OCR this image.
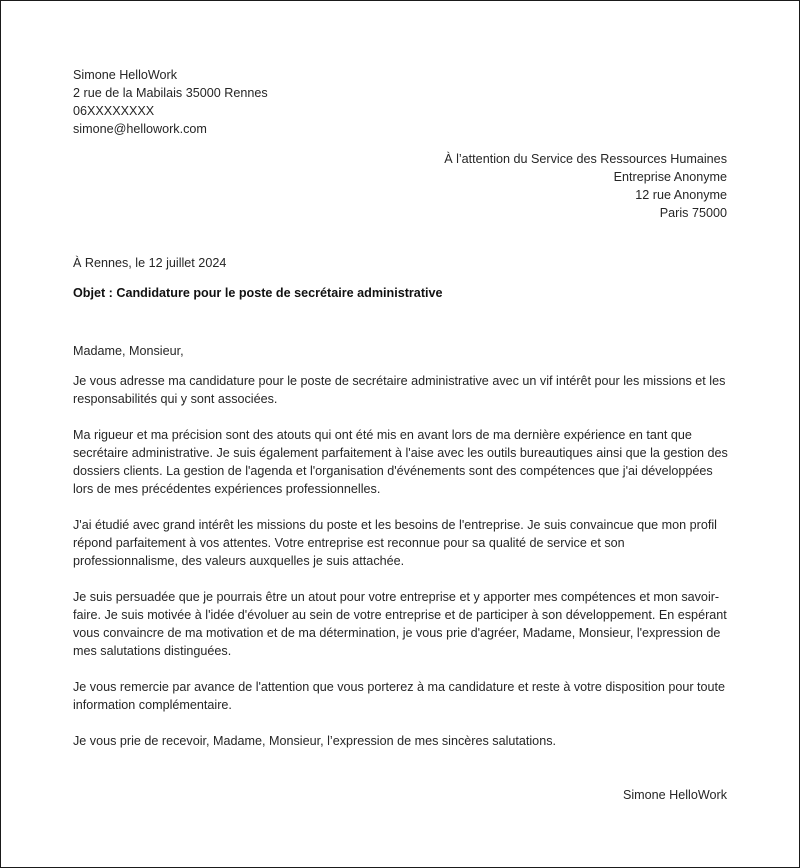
Simone HelloWork
2 rue de la Mabilais 35000 Rennes
06XXXXXXXX
simone@hellowork.com
À l’attention du Service des Ressources Humaines
Entreprise Anonyme
12 rue Anonyme
Paris 75000
À Rennes, le 12 juillet 2024
Objet : Candidature pour le poste de secrétaire administrative
Madame, Monsieur,

Je vous adresse ma candidature pour le poste de secrétaire administrative avec un vif intérêt pour les missions et les responsabilités qui y sont associées.

Ma rigueur et ma précision sont des atouts qui ont été mis en avant lors de ma dernière expérience en tant que secrétaire administrative. Je suis également parfaitement à l'aise avec les outils bureautiques ainsi que la gestion des dossiers clients. La gestion de l'agenda et l'organisation d'événements sont des compétences que j'ai développées lors de mes précédentes expériences professionnelles.

J'ai étudié avec grand intérêt les missions du poste et les besoins de l'entreprise. Je suis convaincue que mon profil répond parfaitement à vos attentes. Votre entreprise est reconnue pour sa qualité de service et son professionnalisme, des valeurs auxquelles je suis attachée.

Je suis persuadée que je pourrais être un atout pour votre entreprise et y apporter mes compétences et mon savoir-faire. Je suis motivée à l'idée d'évoluer au sein de votre entreprise et de participer à son développement. En espérant vous convaincre de ma motivation et de ma détermination, je vous prie d'agréer, Madame, Monsieur, l'expression de mes salutations distinguées.

Je vous remercie par avance de l'attention que vous porterez à ma candidature et reste à votre disposition pour toute information complémentaire.

Je vous prie de recevoir, Madame, Monsieur, l’expression de mes sincères salutations.

Simone HelloWork
